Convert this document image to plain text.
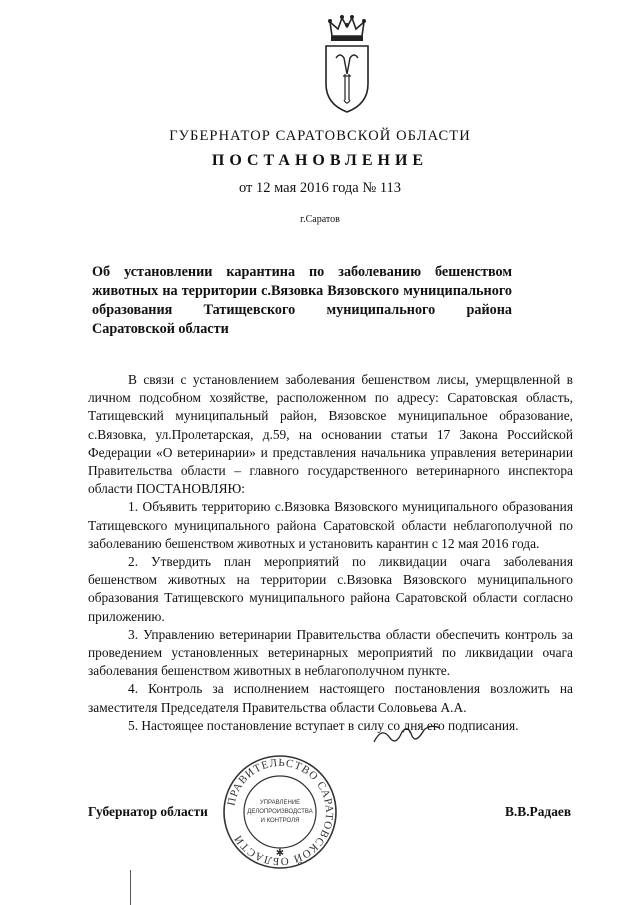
ГУБЕРНАТОР САРАТОВСКОЙ ОБЛАСТИ
ПОСТАНОВЛЕНИЕ
от 12 мая 2016 года № 113
г.Саратов
Об установлении карантина по заболеванию бешенством животных на территории с.Вязовка Вязовского муниципального образования Татищевского муниципального района Саратовской области

В связи с установлением заболевания бешенством лисы, умерщвленной в личном подсобном хозяйстве, расположенном по адресу: Саратовская область, Татищевский муниципальный район, Вязовское муниципальное образование, с.Вязовка, ул.Пролетарская, д.59, на основании статьи 17 Закона Российской Федерации «О ветеринарии» и представления начальника управления ветеринарии Правительства области – главного государственного ветеринарного инспектора области ПОСТАНОВЛЯЮ:

1. Объявить территорию с.Вязовка Вязовского муниципального образования Татищевского муниципального района Саратовской области неблагополучной по заболеванию бешенством животных и установить карантин с 12 мая 2016 года.

2. Утвердить план мероприятий по ликвидации очага заболевания бешенством животных на территории с.Вязовка Вязовского муниципального образования Татищевского муниципального района Саратовской области согласно приложению.

3. Управлению ветеринарии Правительства области обеспечить контроль за проведением установленных ветеринарных мероприятий по ликвидации очага заболевания бешенством животных в неблагополучном пункте.

4. Контроль за исполнением настоящего постановления возложить на заместителя Председателя Правительства области Соловьева А.А.

5. Настоящее постановление вступает в силу со дня его подписания.

ПРАВИТЕЛЬСТВО САРАТОВСКОЙ ОБЛАСТИ
УПРАВЛЕНИЕ
ДЕЛОПРОИЗВОДСТВА
И КОНТРОЛЯ
✱
Губернатор области	В.В.Радаев
